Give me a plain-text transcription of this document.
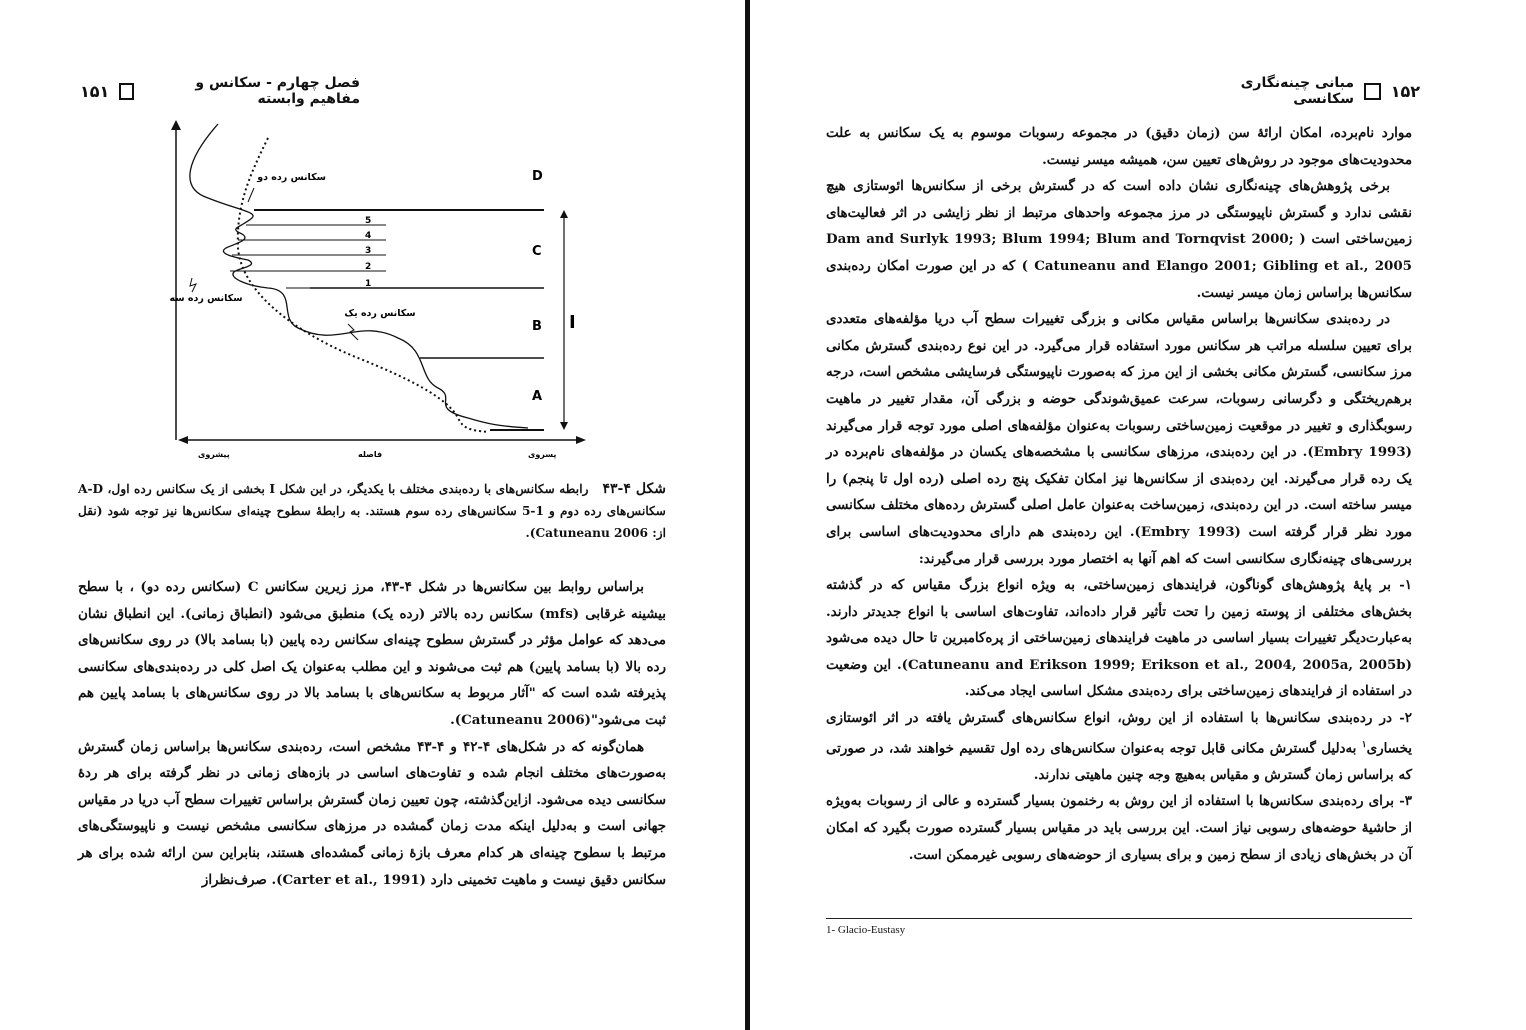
۱۵۱	فصل چهارم - سکانس و مفاهیم وابسته
پسروی
فاصله
پیشروی
D
C
B
A
I
5
4
3
2
1
سکانس رده دو
سکانس رده سه
سکانس رده یک
شکل ۴-۴۳رابطه سکانس‌های با رده‌بندی مختلف با یکدیگر، در این شکل I بخشی از یک سکانس رده اول، A-D سکانس‌های رده دوم و 1-5 سکانس‌های رده سوم هستند. به رابطهٔ سطوح چینه‌ای سکانس‌ها نیز توجه شود (نقل از: Catuneanu 2006).

براساس روابط بین سکانس‌ها در شکل ۴-۴۳، مرز زیرین سکانس C (سکانس رده دو) ، با سطح بیشینه غرقابی (mfs) سکانس رده بالاتر (رده یک) منطبق می‌شود (انطباق زمانی). این انطباق نشان می‌دهد که عوامل مؤثر در گسترش سطوح چینه‌ای سکانس رده پایین (با بسامد بالا) در روی سکانس‌های رده بالا (با بسامد پایین) هم ثبت می‌شوند و این مطلب به‌عنوان یک اصل کلی در رده‌بندی‌های سکانسی پذیرفته شده است که "آثار مربوط به سکانس‌های با بسامد بالا در روی سکانس‌های با بسامد پایین هم ثبت می‌شود"(Catuneanu 2006).

همان‌گونه که در شکل‌های ۴-۴۲ و ۴-۴۳ مشخص است، رده‌بندی سکانس‌ها براساس زمان گسترش به‌صورت‌های مختلف انجام شده و تفاوت‌های اساسی در بازه‌های زمانی در نظر گرفته برای هر ردهٔ سکانسی دیده می‌شود. ازاین‌گذشته، چون تعیین زمان گسترش براساس تغییرات سطح آب دریا در مقیاس جهانی است و به‌دلیل اینکه مدت زمان گمشده در مرزهای سکانسی مشخص نیست و ناپیوستگی‌های مرتبط با سطوح چینه‌ای هر کدام معرف بازهٔ زمانی گمشده‌ای هستند، بنابراین سن ارائه شده برای هر سکانس دقیق نیست و ماهیت تخمینی دارد (Carter et al., 1991). صرف‌نظراز

مبانی چینه‌نگاری سکانسی ۱۵۲

موارد نام‌برده، امکان ارائهٔ سن (زمان دقیق) در مجموعه رسوبات موسوم به یک سکانس به علت محدودیت‌های موجود در روش‌های تعیین سن، همیشه میسر نیست.

برخی پژوهش‌های چینه‌نگاری نشان داده است که در گسترش برخی از سکانس‌ها ائوستازی هیچ نقشی ندارد و گسترش ناپیوستگی در مرز مجموعه واحدهای مرتبط از نظر زایشی در اثر فعالیت‌های زمین‌ساختی است ( Dam and Surlyk 1993; Blum 1994; Blum and Tornqvist 2000; Catuneanu and Elango 2001; Gibling et al., 2005 ) که در این صورت امکان رده‌بندی سکانس‌ها براساس زمان میسر نیست.

در رده‌بندی سکانس‌ها براساس مقیاس مکانی و بزرگی تغییرات سطح آب دریا مؤلفه‌های متعددی برای تعیین سلسله مراتب هر سکانس مورد استفاده قرار می‌گیرد. در این نوع رده‌بندی گسترش مکانی مرز سکانسی، گسترش مکانی بخشی از این مرز که به‌صورت ناپیوستگی فرسایشی مشخص است، درجه برهم‌ریختگی و دگرسانی رسوبات، سرعت عمیق‌شوندگی حوضه و بزرگی آن، مقدار تغییر در ماهیت رسوبگذاری و تغییر در موقعیت زمین‌ساختی رسوبات به‌عنوان مؤلفه‌های اصلی مورد توجه قرار می‌گیرند (Embry 1993). در این رده‌بندی، مرزهای سکانسی با مشخصه‌های یکسان در مؤلفه‌های نام‌برده در یک رده قرار می‌گیرند. این رده‌بندی از سکانس‌ها نیز امکان تفکیک پنج رده اصلی (رده اول تا پنجم) را میسر ساخته است. در این رده‌بندی، زمین‌ساخت به‌عنوان عامل اصلی گسترش رده‌های مختلف سکانسی مورد نظر قرار گرفته است (Embry 1993). این رده‌بندی هم دارای محدودیت‌های اساسی برای بررسی‌های چینه‌نگاری سکانسی است که اهم آنها به اختصار مورد بررسی قرار می‌گیرند:

۱- بر پایهٔ پژوهش‌های گوناگون، فرایندهای زمین‌ساختی، به ویژه انواع بزرگ مقیاس که در گذشته بخش‌های مختلفی از پوسته زمین را تحت تأثیر قرار داده‌اند، تفاوت‌های اساسی با انواع جدیدتر دارند. به‌عبارت‌دیگر تغییرات بسیار اساسی در ماهیت فرایندهای زمین‌ساختی از پره‌کامبرین تا حال دیده می‌شود (Catuneanu and Erikson 1999; Erikson et al., 2004, 2005a, 2005b). این وضعیت در استفاده از فرایندهای زمین‌ساختی برای رده‌بندی مشکل اساسی ایجاد می‌کند.

۲- در رده‌بندی سکانس‌ها با استفاده از این روش، انواع سکانس‌های گسترش یافته در اثر ائوستازی یخساری$^۱$ به‌دلیل گسترش مکانی قابل توجه به‌عنوان سکانس‌های رده اول تقسیم خواهند شد، در صورتی که براساس زمان گسترش و مقیاس به‌هیچ وجه چنین ماهیتی ندارند.

۳- برای رده‌بندی سکانس‌ها با استفاده از این روش به رخنمون بسیار گسترده و عالی از رسوبات به‌ویژه از حاشیهٔ حوضه‌های رسوبی نیاز است. این بررسی باید در مقیاس بسیار گسترده صورت بگیرد که امکان آن در بخش‌های زیادی از سطح زمین و برای بسیاری از حوضه‌های رسوبی غیرممکن است.

1- Glacio-Eustasy
